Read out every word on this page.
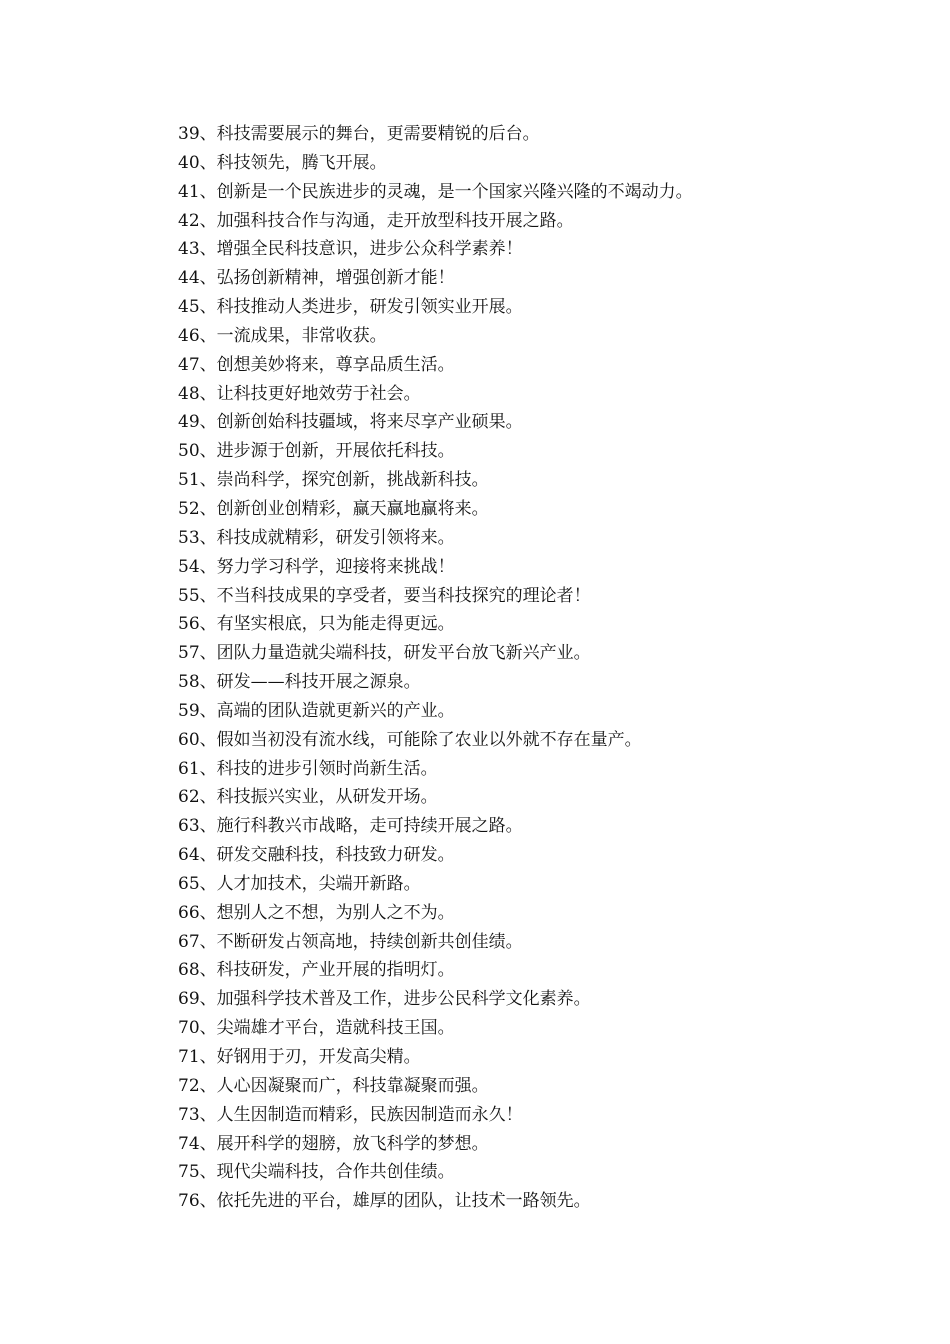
39、科技需要展示的舞台，更需要精锐的后台。
40、科技领先，腾飞开展。
41、创新是一个民族进步的灵魂，是一个国家兴隆兴隆的不竭动力。
42、加强科技合作与沟通，走开放型科技开展之路。
43、增强全民科技意识，进步公众科学素养！
44、弘扬创新精神，增强创新才能！
45、科技推动人类进步，研发引领实业开展。
46、一流成果，非常收获。
47、创想美妙将来，尊享品质生活。
48、让科技更好地效劳于社会。
49、创新创始科技疆域，将来尽享产业硕果。
50、进步源于创新，开展依托科技。
51、崇尚科学，探究创新，挑战新科技。
52、创新创业创精彩，赢天赢地赢将来。
53、科技成就精彩，研发引领将来。
54、努力学习科学，迎接将来挑战！
55、不当科技成果的享受者，要当科技探究的理论者！
56、有坚实根底，只为能走得更远。
57、团队力量造就尖端科技，研发平台放飞新兴产业。
58、研发——科技开展之源泉。
59、高端的团队造就更新兴的产业。
60、假如当初没有流水线，可能除了农业以外就不存在量产。
61、科技的进步引领时尚新生活。
62、科技振兴实业，从研发开场。
63、施行科教兴市战略，走可持续开展之路。
64、研发交融科技，科技致力研发。
65、人才加技术，尖端开新路。
66、想别人之不想，为别人之不为。
67、不断研发占领高地，持续创新共创佳绩。
68、科技研发，产业开展的指明灯。
69、加强科学技术普及工作，进步公民科学文化素养。
70、尖端雄才平台，造就科技王国。
71、好钢用于刃，开发高尖精。
72、人心因凝聚而广，科技靠凝聚而强。
73、人生因制造而精彩，民族因制造而永久！
74、展开科学的翅膀，放飞科学的梦想。
75、现代尖端科技，合作共创佳绩。
76、依托先进的平台，雄厚的团队，让技术一路领先。
